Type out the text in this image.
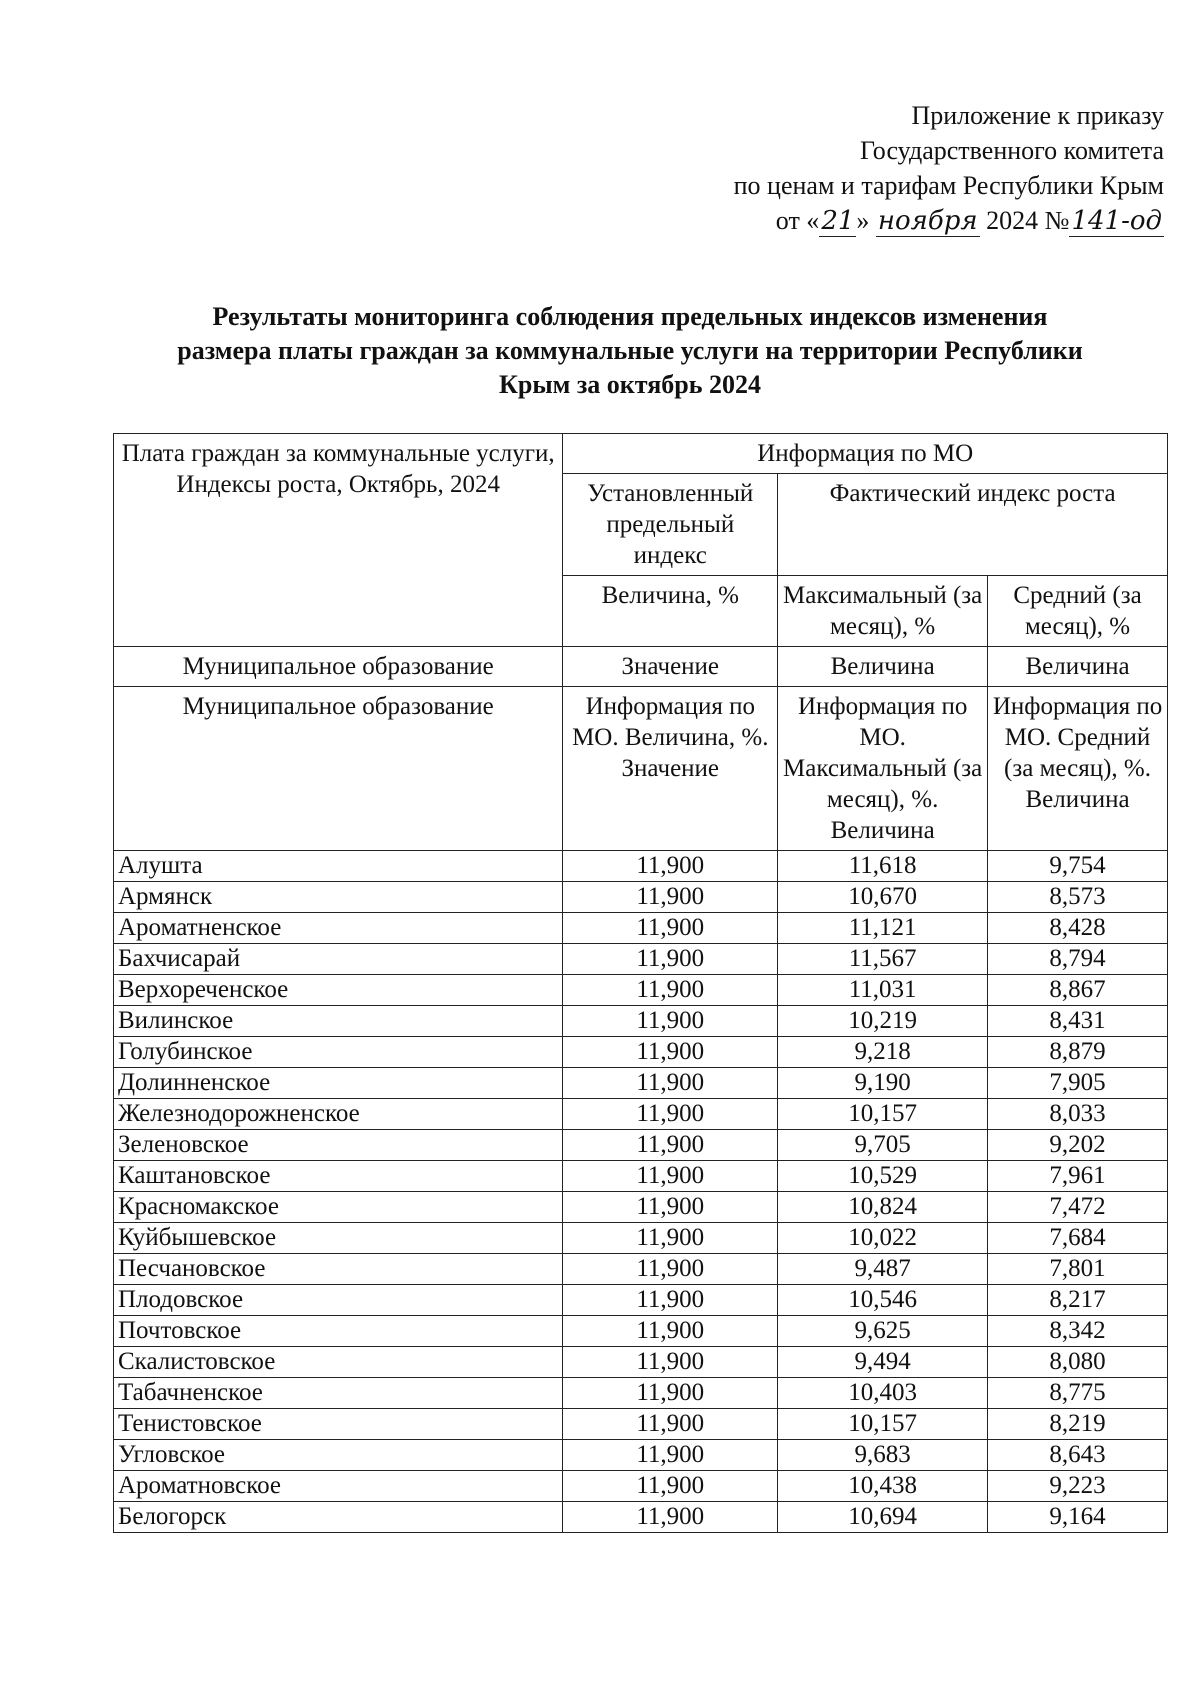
Приложение к приказу
Государственного комитета
по ценам и тарифам Республики Крым
от «21» ноября 2024 №141-од
Результаты мониторинга соблюдения предельных индексов изменения
размера платы граждан за коммунальные услуги на территории Республики
Крым за октябрь 2024
Плата граждан за коммунальные услуги, Индексы роста, Октябрь, 2024	Информация по МО		
	Установленный предельный индекс	Фактический индекс роста	
	Величина, %	Максимальный (за месяц), %	Средний (за месяц), %
Муниципальное образование	Значение	Величина	Величина
Муниципальное образование	Информация по МО. Величина, %. Значение	Информация по МО. Максимальный (за месяц), %. Величина	Информация по МО. Средний (за месяц), %. Величина
Алушта	11,900	11,618	9,754
Армянск	11,900	10,670	8,573
Ароматненское	11,900	11,121	8,428
Бахчисарай	11,900	11,567	8,794
Верхореченское	11,900	11,031	8,867
Вилинское	11,900	10,219	8,431
Голубинское	11,900	9,218	8,879
Долинненское	11,900	9,190	7,905
Железнодорожненское	11,900	10,157	8,033
Зеленовское	11,900	9,705	9,202
Каштановское	11,900	10,529	7,961
Красномакское	11,900	10,824	7,472
Куйбышевское	11,900	10,022	7,684
Песчановское	11,900	9,487	7,801
Плодовское	11,900	10,546	8,217
Почтовское	11,900	9,625	8,342
Скалистовское	11,900	9,494	8,080
Табачненское	11,900	10,403	8,775
Тенистовское	11,900	10,157	8,219
Угловское	11,900	9,683	8,643
Ароматновское	11,900	10,438	9,223
Белогорск	11,900	10,694	9,164
